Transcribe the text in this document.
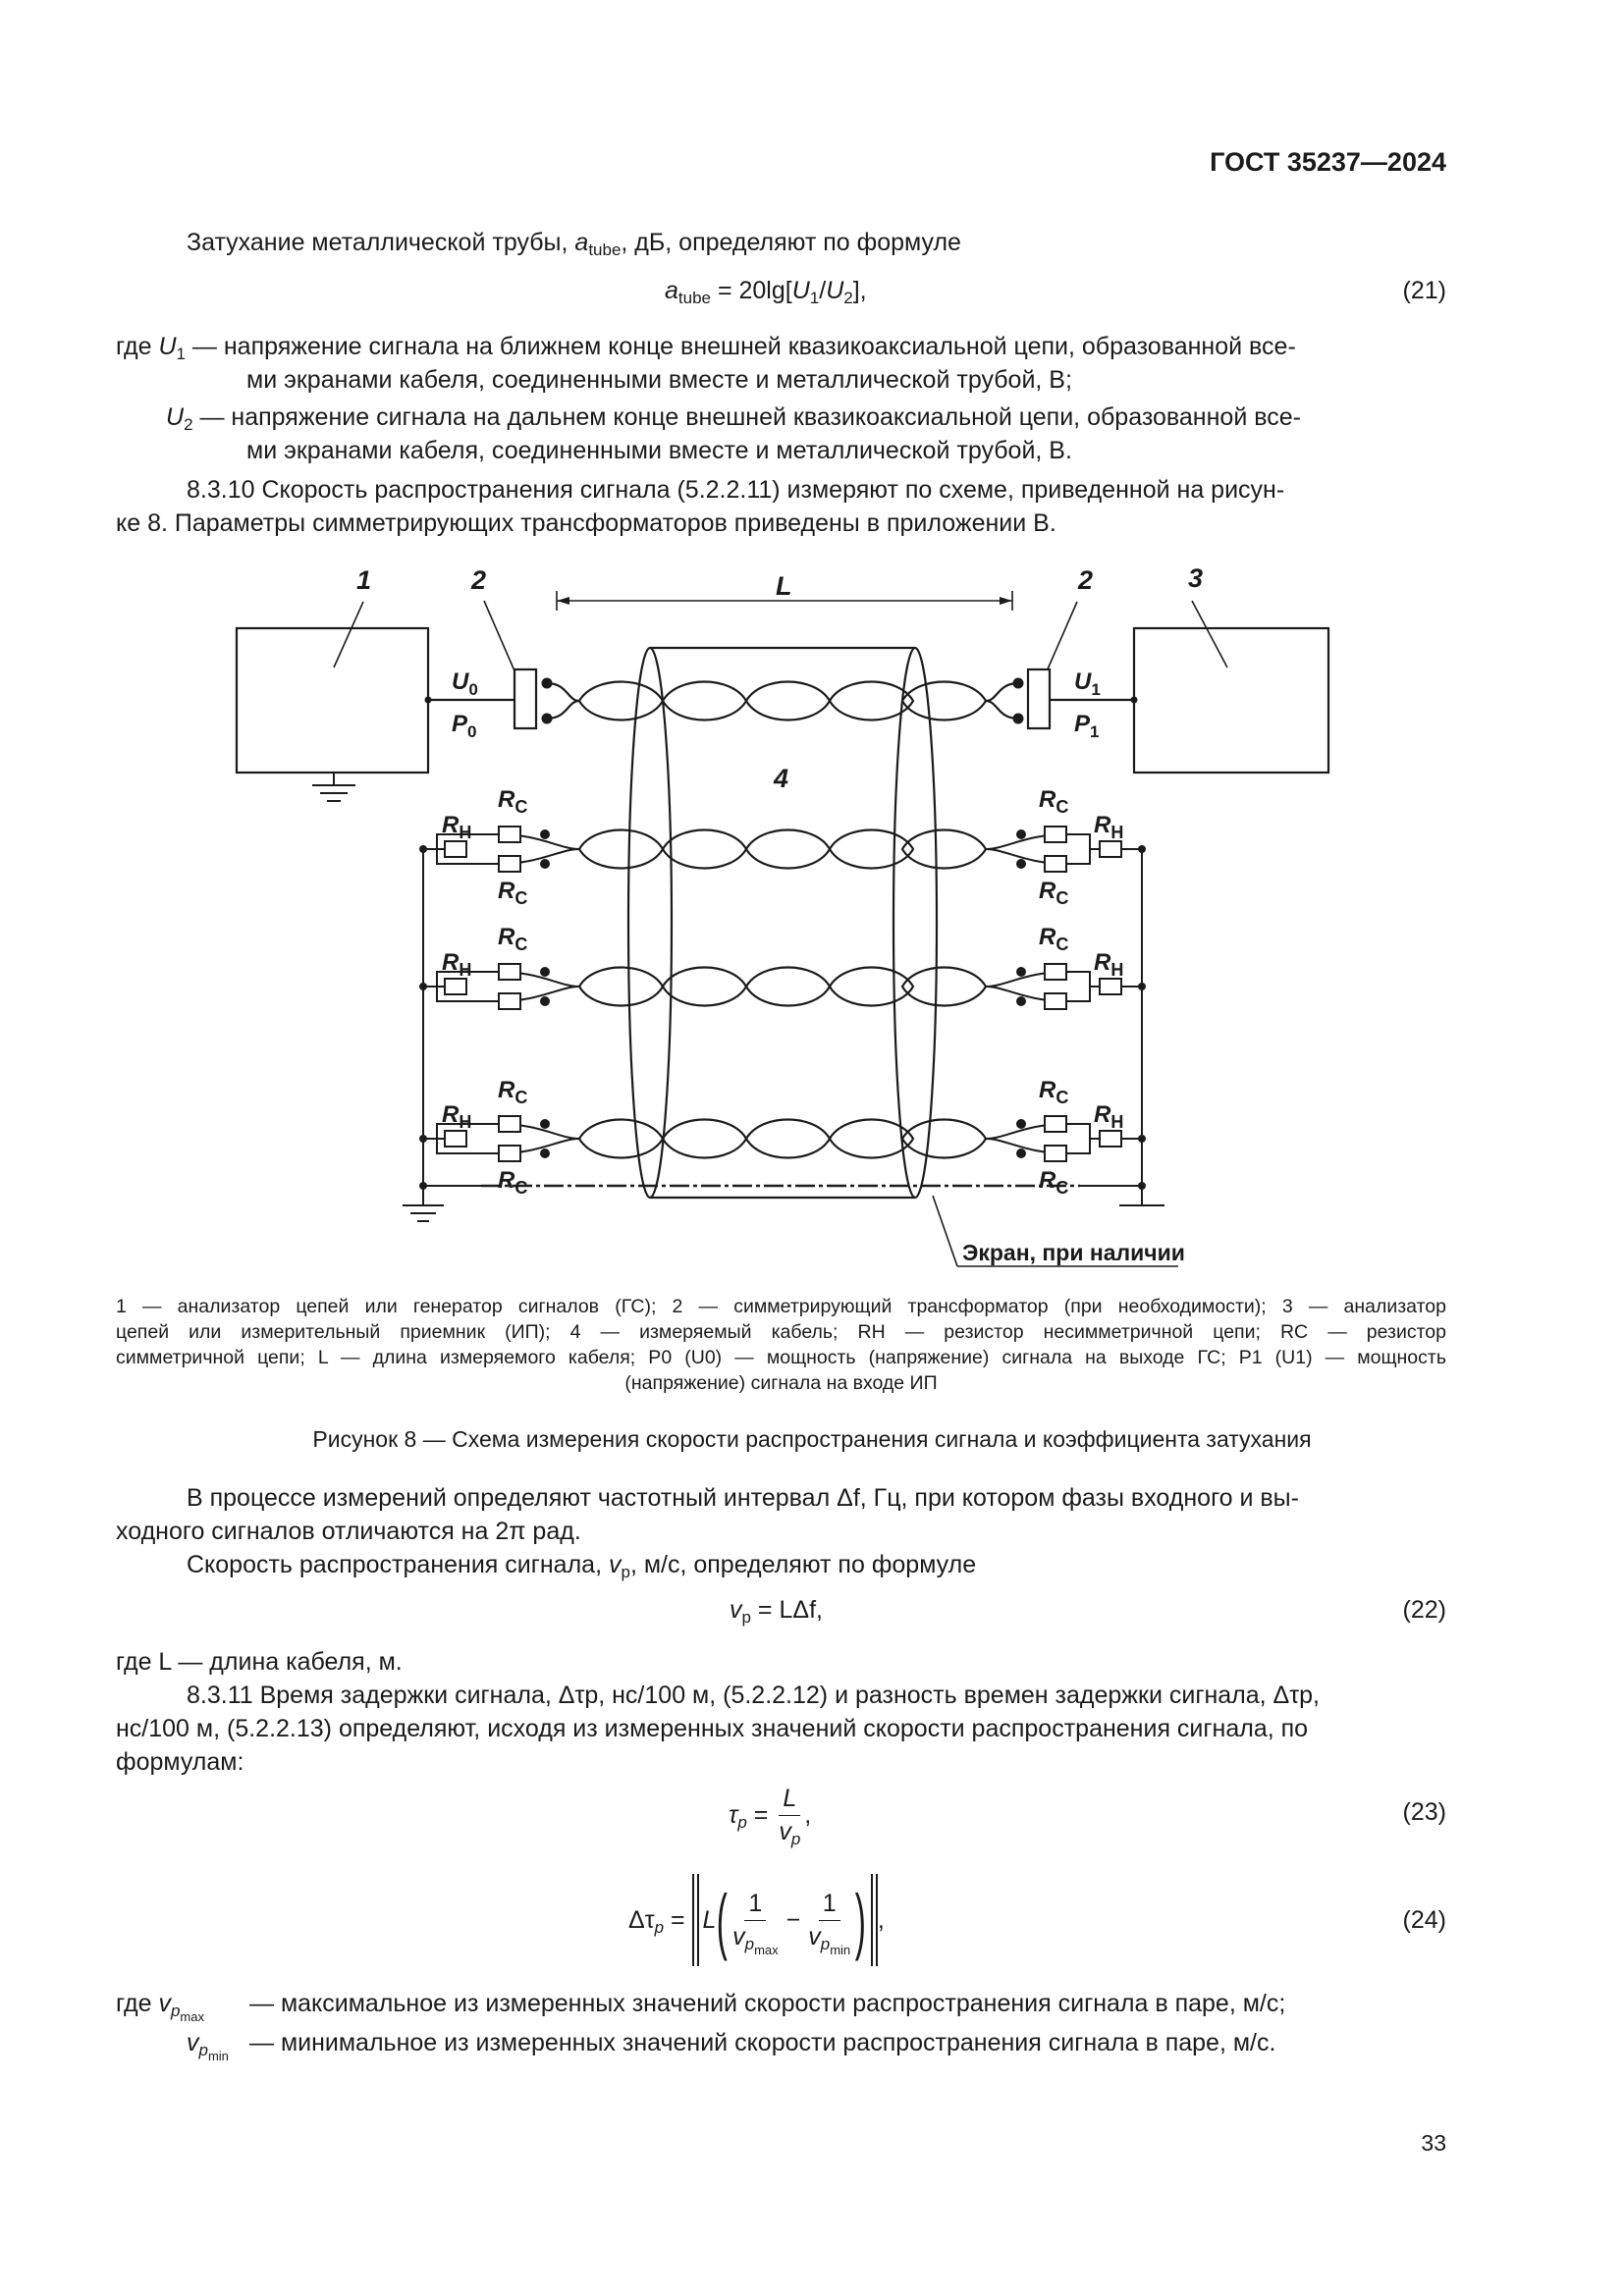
ГОСТ 35237—2024
Затухание металлической трубы, $a_{tube}$, дБ, определяют по формуле
$a_{tube} = 20\lg[U_1/U_2]$,	(21)
где $U_1$ — напряжение сигнала на ближнем конце внешней квазикоаксиальной цепи, образованной все-
ми экранами кабеля, соединенными вместе и металлической трубой, В;
$U_2$ — напряжение сигнала на дальнем конце внешней квазикоаксиальной цепи, образованной все-
ми экранами кабеля, соединенными вместе и металлической трубой, В.
8.3.10 Скорость распространения сигнала (5.2.2.11) измеряют по схеме, приведенной на рисун-
ке 8. Параметры симметрирующих трансформаторов приведены в приложении В.
1	2	2	3
4
L
$U_0$
$P_0$
$U_1$
$P_1$
$R_Н$
$R_Н$
$R_Н$
$R_С$
$R_С$
$R_С$
$R_С$
$R_С$
$R_С$
$R_С$
$R_С$
$R_С$
$R_С$
$R_Н$
$R_Н$
$R_Н$
Экран, при наличии
1 — анализатор цепей или генератор сигналов (ГС); 2 — симметрирующий трансформатор (при необходимости); 3 — анализатор
цепей или измерительный приемник (ИП); 4 — измеряемый кабель; RН — резистор несимметричной цепи; RС — резистор
симметричной цепи; L — длина измеряемого кабеля; P0 (U0) — мощность (напряжение) сигнала на выходе ГС; P1 (U1) — мощность
(напряжение) сигнала на входе ИП
Рисунок 8 — Схема измерения скорости распространения сигнала и коэффициента затухания
В процессе измерений определяют частотный интервал Δf, Гц, при котором фазы входного и вы-
ходного сигналов отличаются на 2π рад.
Скорость распространения сигнала, $v_p$, м/с, определяют по формуле
$v_p = L\Delta f$,	(22)
где L — длина кабеля, м.
8.3.11 Время задержки сигнала, Δτp, нс/100 м, (5.2.2.12) и разность времен задержки сигнала, Δτp,
нс/100 м, (5.2.2.13) определяют, исходя из измеренных значений скорости распространения сигнала, по
формулам:
$\tau_p = \frac{L}{v_p}$ ,	(23)
$\Delta\tau_p = L$ ( $\frac{1}{v_{p_{max}}} - \frac{1}{v_{p_{min}}}$ ) ,	(24)
где $v_{p_{max}}$ — максимальное из измеренных значений скорости распространения сигнала в паре, м/с;
$v_{p_{min}}$ — минимальное из измеренных значений скорости распространения сигнала в паре, м/с.
33
